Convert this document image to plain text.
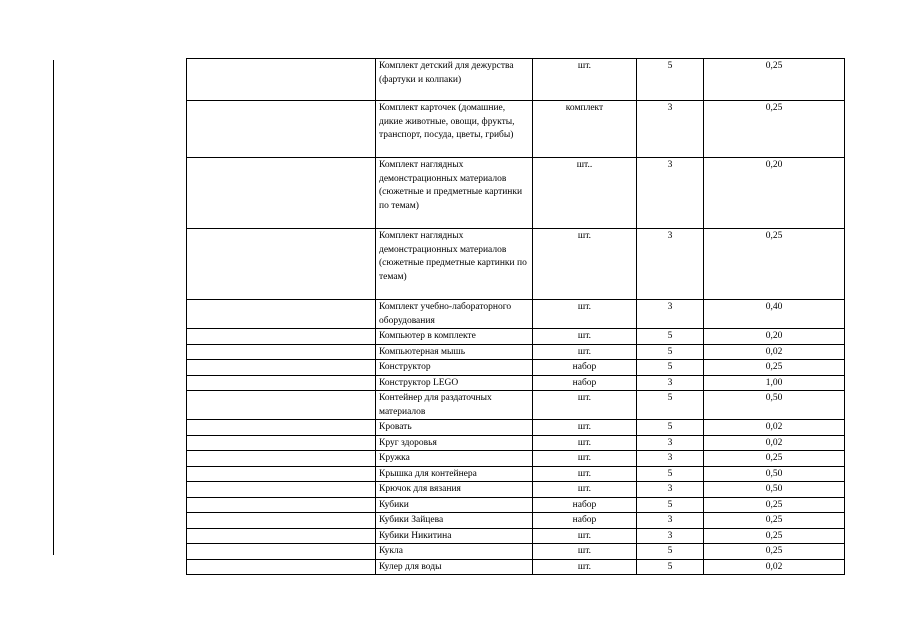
	Комплект детский для дежурства (фартуки и колпаки)	шт.	5	0,25
	Комплект карточек (домашние, дикие животные, овощи, фрукты, транспорт, посуда, цветы, грибы)	комплект	3	0,25
	Комплект наглядных демонстрационных материалов (сюжетные и предметные картинки по темам)	шт..	3	0,20
	Комплект наглядных демонстрационных материалов (сюжетные предметные картинки по темам)	шт.	3	0,25
	Комплект учебно-лабораторного оборудования	шт.	3	0,40
	Компьютер в комплекте	шт.	5	0,20
	Компьютерная мышь	шт.	5	0,02
	Конструктор	набор	5	0,25
	Конструктор LEGO	набор	3	1,00
	Контейнер для раздаточных материалов	шт.	5	0,50
	Кровать	шт.	5	0,02
	Круг здоровья	шт.	3	0,02
	Кружка	шт.	3	0,25
	Крышка для контейнера	шт.	5	0,50
	Крючок для вязания	шт.	3	0,50
	Кубики	набор	5	0,25
	Кубики Зайцева	набор	3	0,25
	Кубики Никитина	шт.	3	0,25
	Кукла	шт.	5	0,25
	Кулер для воды	шт.	5	0,02
